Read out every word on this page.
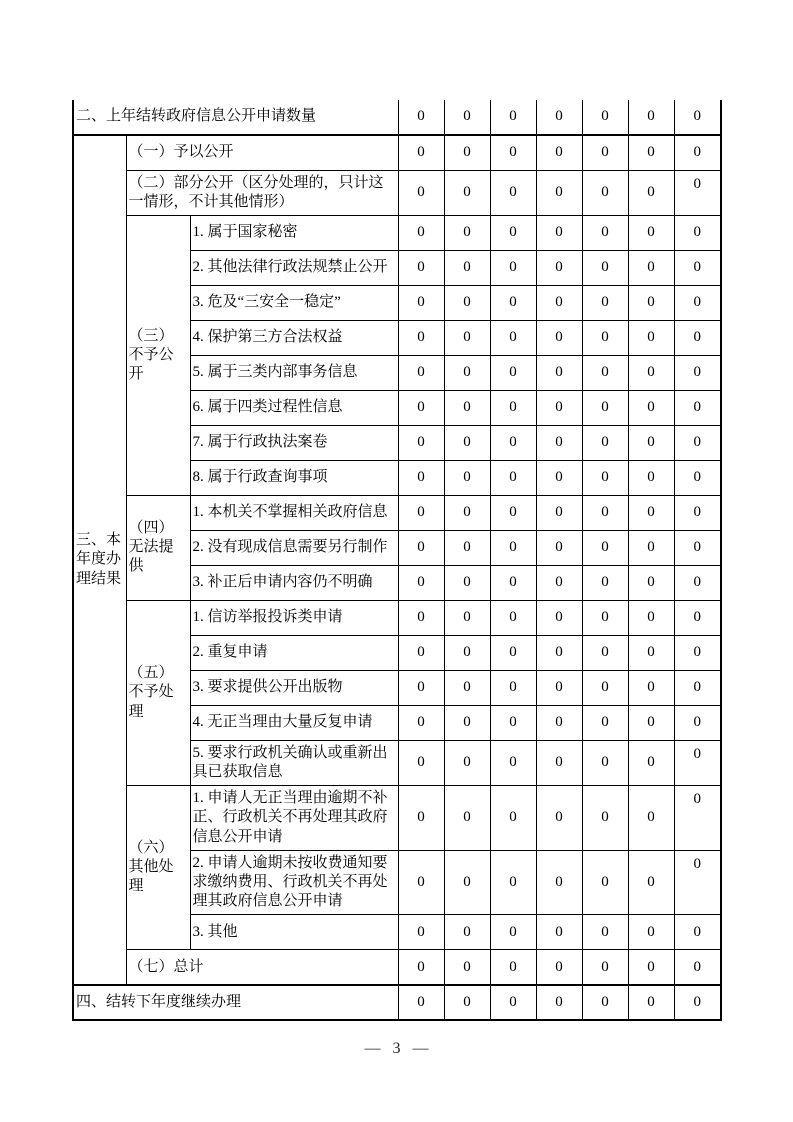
二、上年结转政府信息公开申请数量			0	0	0	0	0	0	0
三、本年度办理结果	（一）予以公开		0	0	0	0	0	0	0
	（二）部分公开（区分处理的，只计这一情形，不计其他情形）		0	0	0	0	0	0	0
	（三）不予公开	1. 属于国家秘密	0	0	0	0	0	0	0
		2. 其他法律行政法规禁止公开	0	0	0	0	0	0	0
		3. 危及“三安全一稳定”	0	0	0	0	0	0	0
		4. 保护第三方合法权益	0	0	0	0	0	0	0
		5. 属于三类内部事务信息	0	0	0	0	0	0	0
		6. 属于四类过程性信息	0	0	0	0	0	0	0
		7. 属于行政执法案卷	0	0	0	0	0	0	0
		8. 属于行政查询事项	0	0	0	0	0	0	0
	（四）无法提供	1. 本机关不掌握相关政府信息	0	0	0	0	0	0	0
		2. 没有现成信息需要另行制作	0	0	0	0	0	0	0
		3. 补正后申请内容仍不明确	0	0	0	0	0	0	0
	（五）不予处理	1. 信访举报投诉类申请	0	0	0	0	0	0	0
		2. 重复申请	0	0	0	0	0	0	0
		3. 要求提供公开出版物	0	0	0	0	0	0	0
		4. 无正当理由大量反复申请	0	0	0	0	0	0	0
		5. 要求行政机关确认或重新出具已获取信息	0	0	0	0	0	0	0
	（六）其他处理	1. 申请人无正当理由逾期不补正、行政机关不再处理其政府信息公开申请	0	0	0	0	0	0	0
		2. 申请人逾期未按收费通知要求缴纳费用、行政机关不再处理其政府信息公开申请	0	0	0	0	0	0	0
		3. 其他	0	0	0	0	0	0	0
	（七）总计		0	0	0	0	0	0	0
四、结转下年度继续办理			0	0	0	0	0	0	0
— 3 —
